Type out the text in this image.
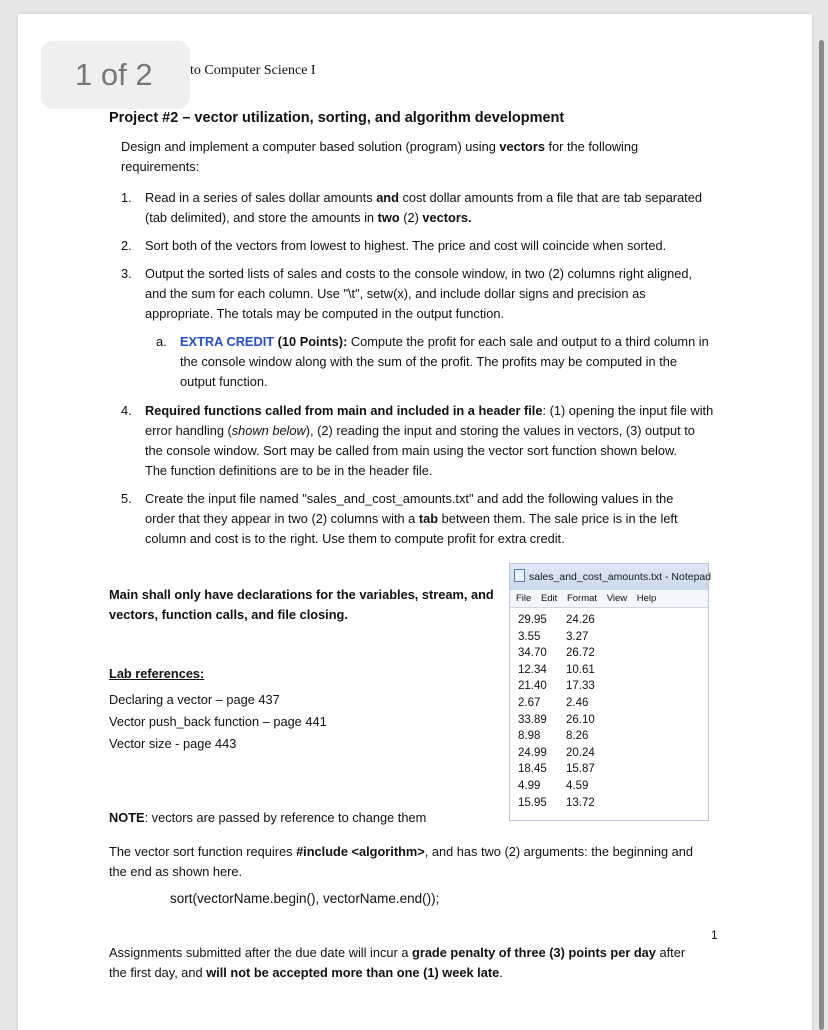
to Computer Science I
Project #2 – vector utilization, sorting, and algorithm development
Design and implement a computer based solution (program) using vectors for the following
requirements:
1.	Read in a series of sales dollar amounts and cost dollar amounts from a file that are tab separated
(tab delimited), and store the amounts in two (2) vectors.
2.	Sort both of the vectors from lowest to highest. The price and cost will coincide when sorted.
3.	Output the sorted lists of sales and costs to the console window, in two (2) columns right aligned,
and the sum for each column. Use "\t", setw(x), and include dollar signs and precision as
appropriate. The totals may be computed in the output function.
a.	EXTRA CREDIT (10 Points): Compute the profit for each sale and output to a third column in
the console window along with the sum of the profit. The profits may be computed in the
output function.
4.	Required functions called from main and included in a header file: (1) opening the input file with
error handling (shown below), (2) reading the input and storing the values in vectors, (3) output to
the console window. Sort may be called from main using the vector sort function shown below.
The function definitions are to be in the header file.
5.	Create the input file named "sales_and_cost_amounts.txt" and add the following values in the
order that they appear in two (2) columns with a tab between them. The sale price is in the left
column and cost is to the right. Use them to compute profit for extra credit.
Main shall only have declarations for the variables, stream, and
vectors, function calls, and file closing.
Lab references:
Declaring a vector – page 437
Vector push_back function – page 441
Vector size - page 443
sales_and_cost_amounts.txt - Notepad
File Edit Format View Help
29.95 24.26
3.55 3.27
34.70 26.72
12.34 10.61
21.40 17.33
2.67 2.46
33.89 26.10
8.98 8.26
24.99 20.24
18.45 15.87
4.99 4.59
15.95 13.72
NOTE: vectors are passed by reference to change them
The vector sort function requires #include <algorithm>, and has two (2) arguments: the beginning and
the end as shown here.
sort(vectorName.begin(), vectorName.end());
1
Assignments submitted after the due date will incur a grade penalty of three (3) points per day after
the first day, and will not be accepted more than one (1) week late.
1 of 2
